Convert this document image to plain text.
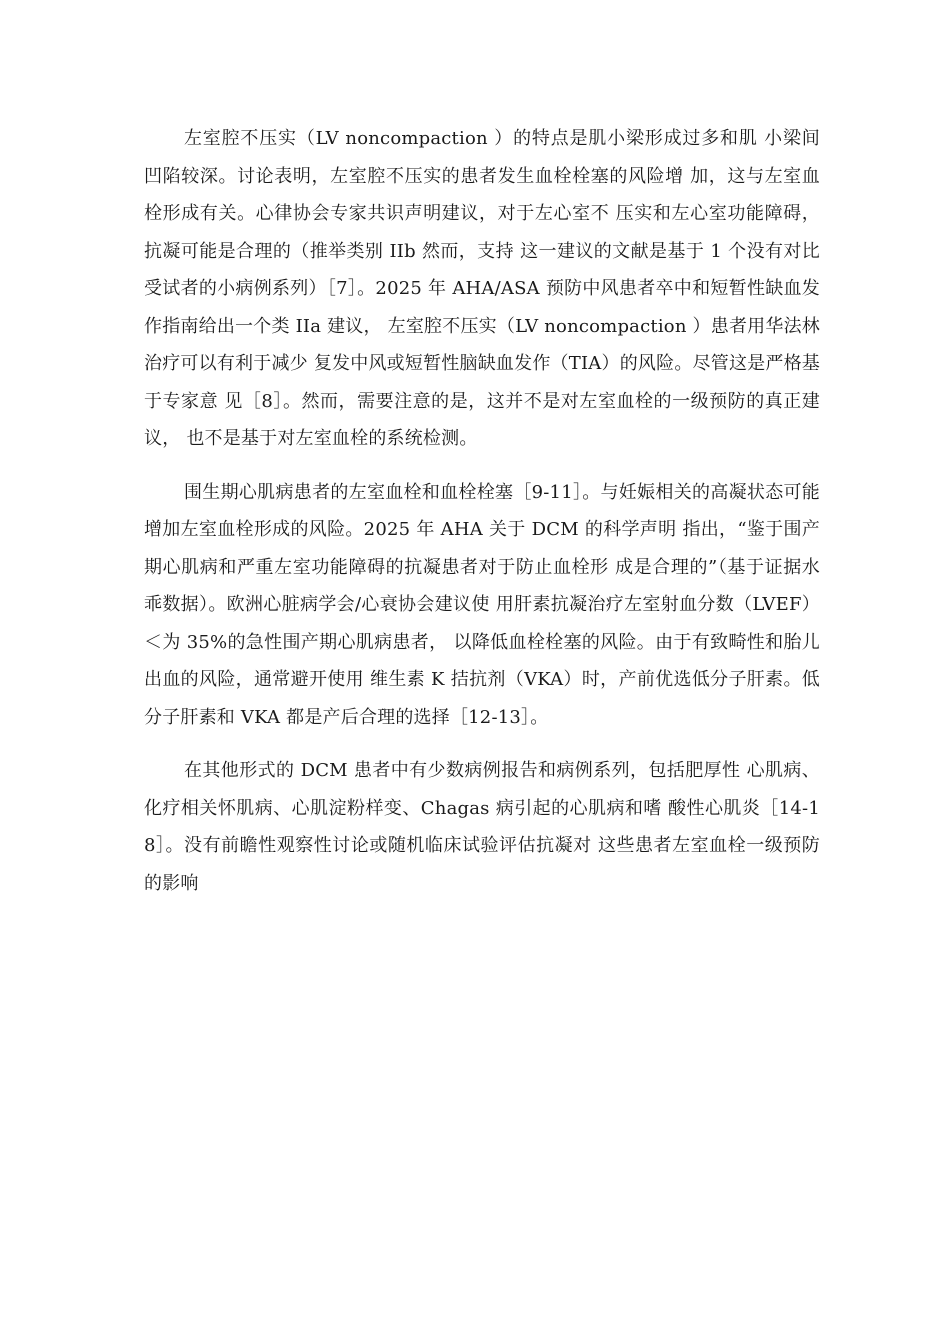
左室腔不压实（LV noncompaction ）的特点是肌小梁形成过多和肌 小梁间凹陷较深。讨论表明，左室腔不压实的患者发生血栓栓塞的风险增 加，这与左室血栓形成有关。心律协会专家共识声明建议，对于左心室不 压实和左心室功能障碍，抗凝可能是合理的（推举类别 IIb 然而，支持 这一建议的文献是基于 1 个没有对比受试者的小病例系列）［7］。2025 年 AHA/ASA 预防中风患者卒中和短暂性缺血发作指南给出一个类 IIa 建议， 左室腔不压实（LV noncompaction ）患者用华法林治疗可以有利于减少 复发中风或短暂性脑缺血发作（TIA）的风险。尽管这是严格基于专家意 见［8］。然而，需要注意的是，这并不是对左室血栓的一级预防的真正建议， 也不是基于对左室血栓的系统检测。

围生期心肌病患者的左室血栓和血栓栓塞［9-11］。与妊娠相关的高凝状态可能增加左室血栓形成的风险。2025 年 AHA 关于 DCM 的科学声明 指出，“鉴于围产期心肌病和严重左室功能障碍的抗凝患者对于防止血栓形 成是合理的”（基于证据水乖数据）。欧洲心脏病学会/心衰协会建议使 用肝素抗凝治疗左室射血分数（LVEF）＜为 35%的急性围产期心肌病患者， 以降低血栓栓塞的风险。由于有致畸性和胎儿出血的风险，通常避开使用 维生素 K 拮抗剂（VKA）时，产前优选低分子肝素。低分子肝素和 VKA 都是产后合理的选择［12-13］。

在其他形式的 DCM 患者中有少数病例报告和病例系列，包括肥厚性 心肌病、化疗相关怀肌病、心肌淀粉样变、Chagas 病引起的心肌病和嗜 酸性心肌炎［14-18］。没有前瞻性观察性讨论或随机临床试验评估抗凝对 这些患者左室血栓一级预防的影响
